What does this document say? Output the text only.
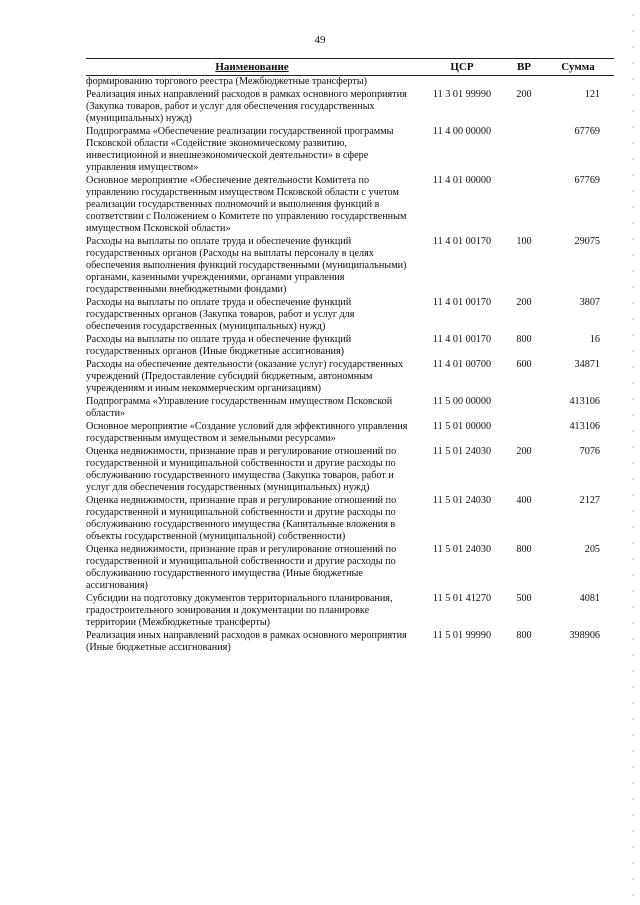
49
Наименование	ЦСР	ВР	Сумма
формированию торгового реестра (Межбюджетные трансферты)			
Реализация иных направлений расходов в рамках основного мероприятия (Закупка товаров, работ и услуг для обеспечения государственных (муниципальных) нужд)	11 3 01 99990	200	121
Подпрограмма «Обеспечение реализации государственной программы Псковской области «Содействие экономическому развитию, инвестиционной и внешнеэкономической деятельности» в сфере управления имуществом»	11 4 00 00000		67769
Основное мероприятие «Обеспечение деятельности Комитета по управлению государственным имуществом Псковской области с учетом реализации государственных полномочий и выполнения функций в соответствии с Положением о Комитете по управлению государственным имуществом Псковской области»	11 4 01 00000		67769
Расходы на выплаты по оплате труда и обеспечение функций государственных органов (Расходы на выплаты персоналу в целях обеспечения выполнения функций государственными (муниципальными) органами, казенными учреждениями, органами управления государственными внебюджетными фондами)	11 4 01 00170	100	29075
Расходы на выплаты по оплате труда и обеспечение функций государственных органов (Закупка товаров, работ и услуг для обеспечения государственных (муниципальных) нужд)	11 4 01 00170	200	3807
Расходы на выплаты по оплате труда и обеспечение функций государственных органов (Иные бюджетные ассигнования)	11 4 01 00170	800	16
Расходы на обеспечение деятельности (оказание услуг) государственных учреждений (Предоставление субсидий бюджетным, автономным учреждениям и иным некоммерческим организациям)	11 4 01 00700	600	34871
Подпрограмма «Управление государственным имуществом Псковской области»	11 5 00 00000		413106
Основное мероприятие «Создание условий для эффективного управления государственным имуществом и земельными ресурсами»	11 5 01 00000		413106
Оценка недвижимости, признание прав и регулирование отношений по государственной и муниципальной собственности и другие расходы по обслуживанию государственного имущества (Закупка товаров, работ и услуг для обеспечения государственных (муниципальных) нужд)	11 5 01 24030	200	7076
Оценка недвижимости, признание прав и регулирование отношений по государственной и муниципальной собственности и другие расходы по обслуживанию государственного имущества (Капитальные вложения в объекты государственной (муниципальной) собственности)	11 5 01 24030	400	2127
Оценка недвижимости, признание прав и регулирование отношений по государственной и муниципальной собственности и другие расходы по обслуживанию государственного имущества (Иные бюджетные ассигнования)	11 5 01 24030	800	205
Субсидии на подготовку документов территориального планирования, градостроительного зонирования и документации по планировке территории (Межбюджетные трансферты)	11 5 01 41270	500	4081
Реализация иных направлений расходов в рамках основного мероприятия (Иные бюджетные ассигнования)	11 5 01 99990	800	398906
